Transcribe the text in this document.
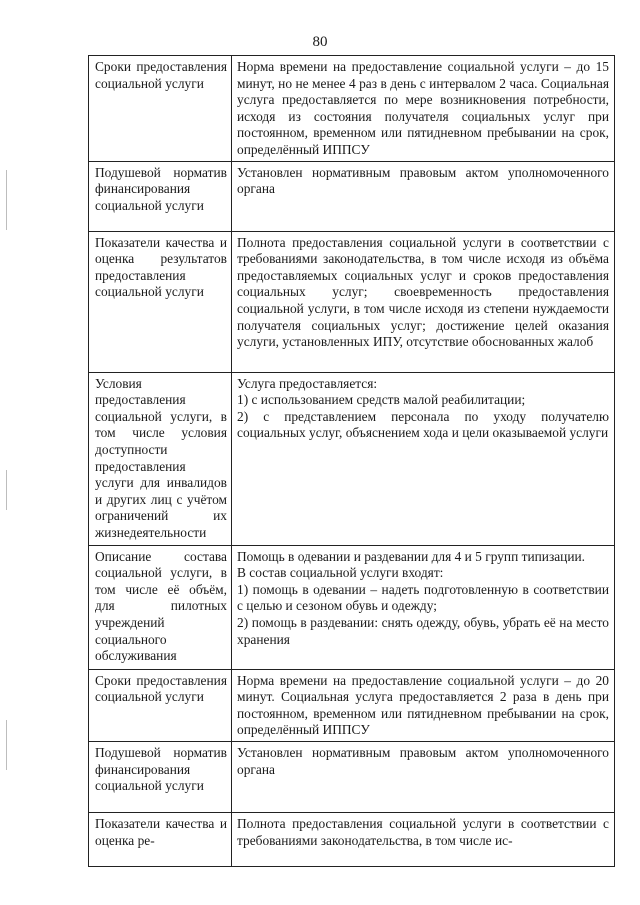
80
Сроки предоставления социальной услуги	Норма времени на предоставление социальной услуги – до 15 минут, но не менее 4 раз в день с интервалом 2 часа. Социальная услуга предоставляется по мере возникновения потребности, исходя из состояния получателя социальных услуг при постоянном, временном или пятидневном пребывании на срок, определённый ИППСУ

Подушевой норматив финансирования социальной услуги	Установлен нормативным правовым актом уполномоченного органа

Показатели качества и оценка результатов предоставления социальной услуги	Полнота предоставления социальной услуги в соответствии с требованиями законодательства, в том числе исходя из объёма предоставляемых социальных услуг и сроков предоставления социальных услуг; своевременность предоставления социальной услуги, в том числе исходя из степени нуждаемости получателя социальных услуг; достижение целей оказания услуги, установленных ИПУ, отсутствие обоснованных жалоб

Условия предоставления социальной услуги, в том числе условия доступности предоставления услуги для инвалидов и других лиц с учётом ограничений их жизнедеятельности	Услуга предоставляется:
1) с использованием средств малой реабилитации;
2) с представлением персонала по уходу получателю социальных услуг, объяснением хода и цели оказываемой услуги

Описание состава социальной услуги, в том числе её объём, для пилотных учреждений социального обслуживания	Помощь в одевании и раздевании для 4 и 5 групп типизации.
В состав социальной услуги входят:
1) помощь в одевании – надеть подготовленную в соответствии с целью и сезоном обувь и одежду;
2) помощь в раздевании: снять одежду, обувь, убрать её на место хранения

Сроки предоставления социальной услуги	Норма времени на предоставление социальной услуги – до 20 минут. Социальная услуга предоставляется 2 раза в день при постоянном, временном или пятидневном пребывании на срок, определённый ИППСУ

Подушевой норматив финансирования социальной услуги	Установлен нормативным правовым актом уполномоченного органа

Показатели качества и оценка ре-	Полнота предоставления социальной услуги в соответствии с требованиями законодательства, в том числе ис-
